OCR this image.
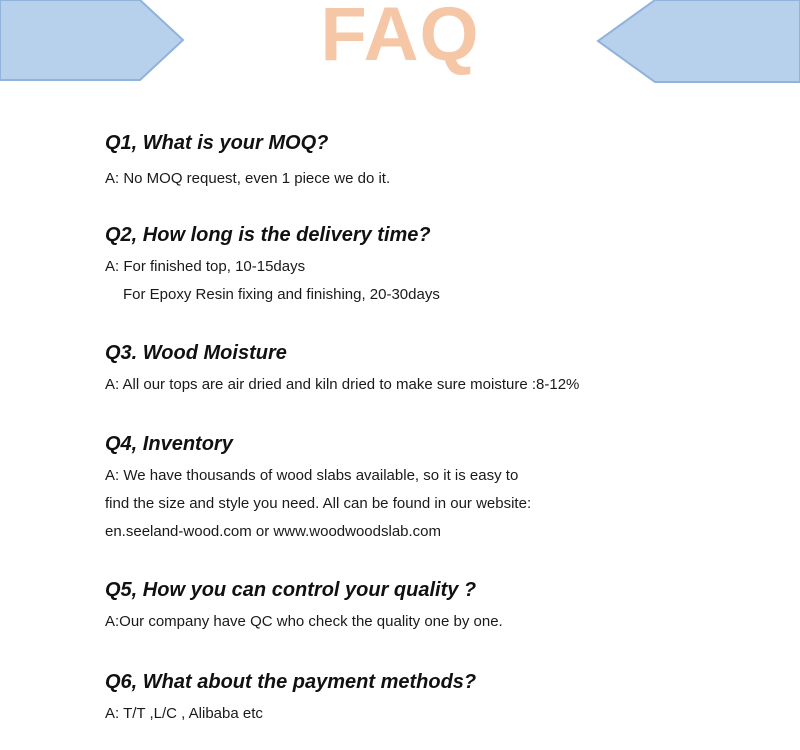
FAQ
Q1, What is your MOQ?
A: No MOQ request, even 1 piece we do it.
Q2, How long is the delivery time?
A: For finished top, 10-15days
For Epoxy Resin fixing and finishing, 20-30days
Q3. Wood Moisture
A: All our tops are air dried and kiln dried to make sure moisture :8-12%
Q4, Inventory
A: We have thousands of wood slabs available, so it is easy to
find the size and style you need. All can be found in our website:
en.seeland-wood.com or www.woodwoodslab.com
Q5, How you can control your quality ?
A:Our company have QC who check the quality one by one.
Q6, What about the payment methods?
A: T/T ,L/C , Alibaba etc
